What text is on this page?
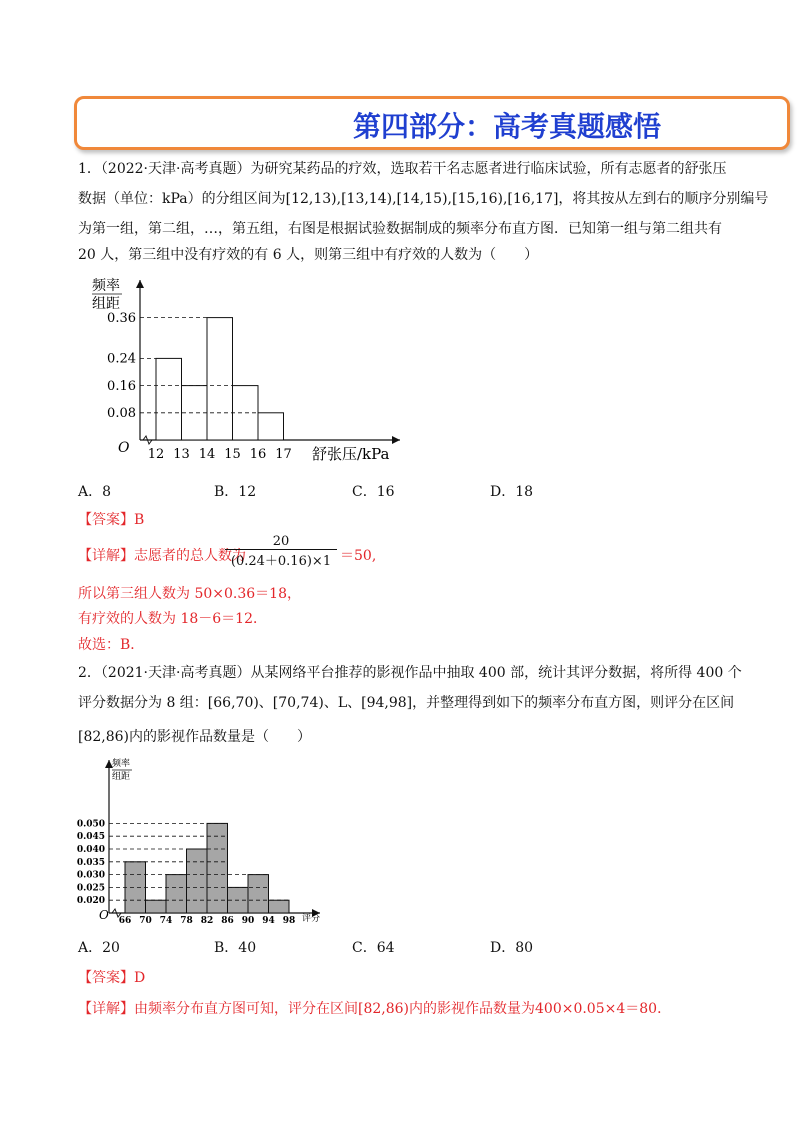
第四部分：高考真题感悟
1．（2022·天津·高考真题）为研究某药品的疗效，选取若干名志愿者进行临床试验，所有志愿者的舒张压
数据（单位：kPa）的分组区间为[12,13),[13,14),[14,15),[15,16),[16,17]，将其按从左到右的顺序分别编号
为第一组，第二组，…，第五组，右图是根据试验数据制成的频率分布直方图．已知第一组与第二组共有
20 人，第三组中没有疗效的有 6 人，则第三组中有疗效的人数为（　　）
O
频率
组距
舒张压/kPa
0.36
0.24
0.16
0.08
12 13 14 15 16 17
A．8	B．12	C．16	D．18
【答案】B
【详解】志愿者的总人数为
$\frac{20}{(0.24+0.16)\times 1} =50$,
所以第三组人数为 50×0.36＝18，
有疗效的人数为 18－6＝12．
故选：B．
2．（2021·天津·高考真题）从某网络平台推荐的影视作品中抽取 400 部，统计其评分数据，将所得 400 个
评分数据分为 8 组：[66,70)、[70,74)、L、[94,98]，并整理得到如下的频率分布直方图，则评分在区间
[82,86)内的影视作品数量是（　　）
O
频率
组距
评分
0.050
0.045
0.040
0.035
0.030
0.025
0.020
66 70 74 78 82 86 90 94 98
A．20	B．40	C．64	D．80
【答案】D
【详解】由频率分布直方图可知，评分在区间[82,86)内的影视作品数量为400×0.05×4＝80．
